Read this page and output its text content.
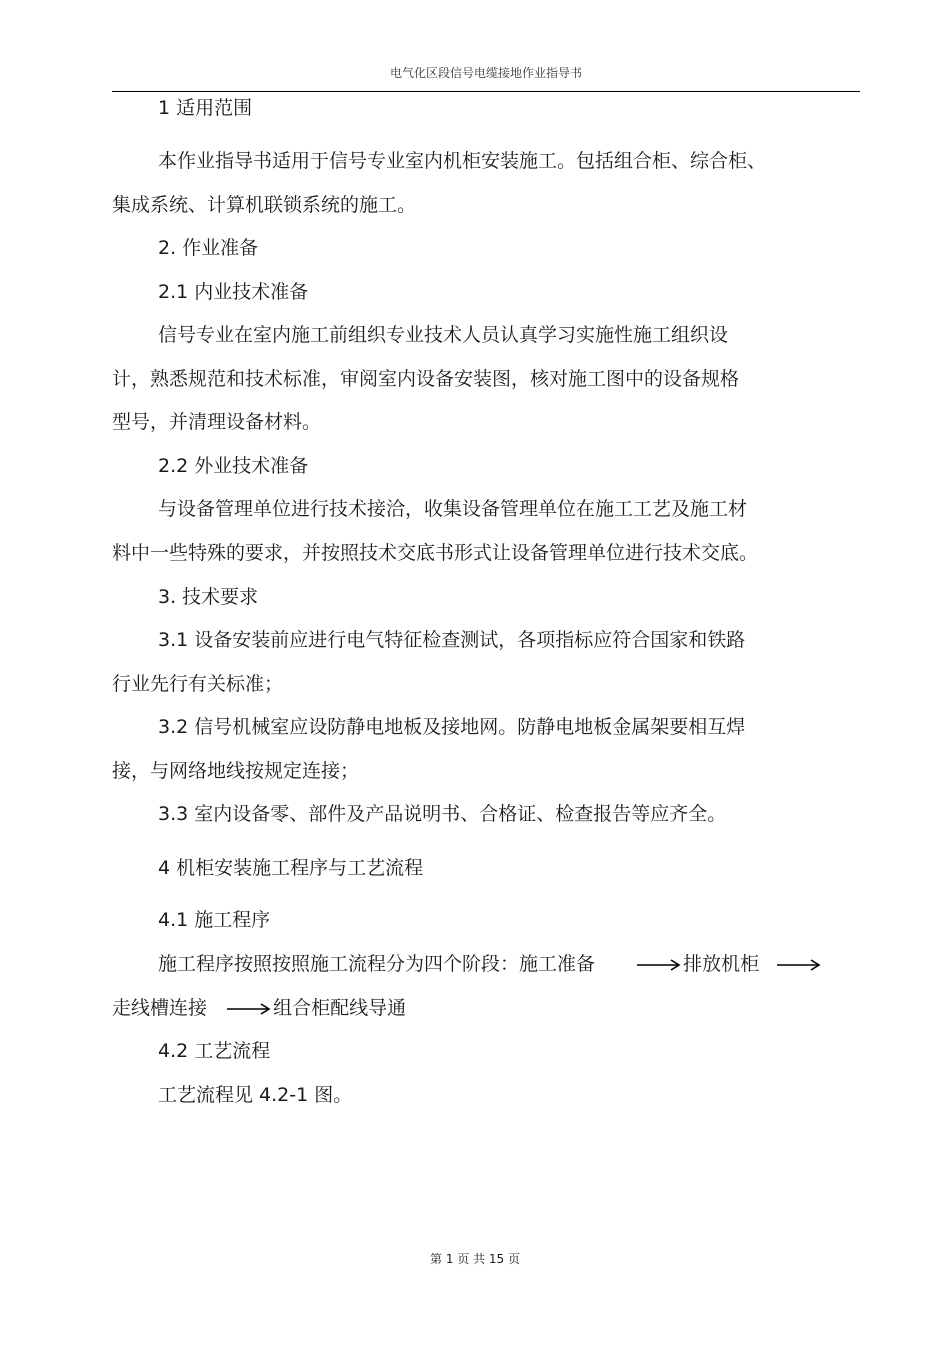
电气化区段信号电缆接地作业指导书
1 适用范围
本作业指导书适用于信号专业室内机柜安装施工。包括组合柜、综合柜、
集成系统、计算机联锁系统的施工。
2. 作业准备
2.1 内业技术准备
信号专业在室内施工前组织专业技术人员认真学习实施性施工组织设
计，熟悉规范和技术标准，审阅室内设备安装图，核对施工图中的设备规格
型号，并清理设备材料。
2.2 外业技术准备
与设备管理单位进行技术接洽，收集设备管理单位在施工工艺及施工材
料中一些特殊的要求，并按照技术交底书形式让设备管理单位进行技术交底。
3. 技术要求
3.1 设备安装前应进行电气特征检查测试，各项指标应符合国家和铁路
行业先行有关标准；
3.2 信号机械室应设防静电地板及接地网。防静电地板金属架要相互焊
接，与网络地线按规定连接；
3.3 室内设备零、部件及产品说明书、合格证、检查报告等应齐全。
4 机柜安装施工程序与工艺流程
4.1 施工程序
施工程序按照按照施工流程分为四个阶段：施工准备	排放机柜
走线槽连接	组合柜配线导通
4.2 工艺流程
工艺流程见 4.2-1 图。
第 1 页 共 15 页
